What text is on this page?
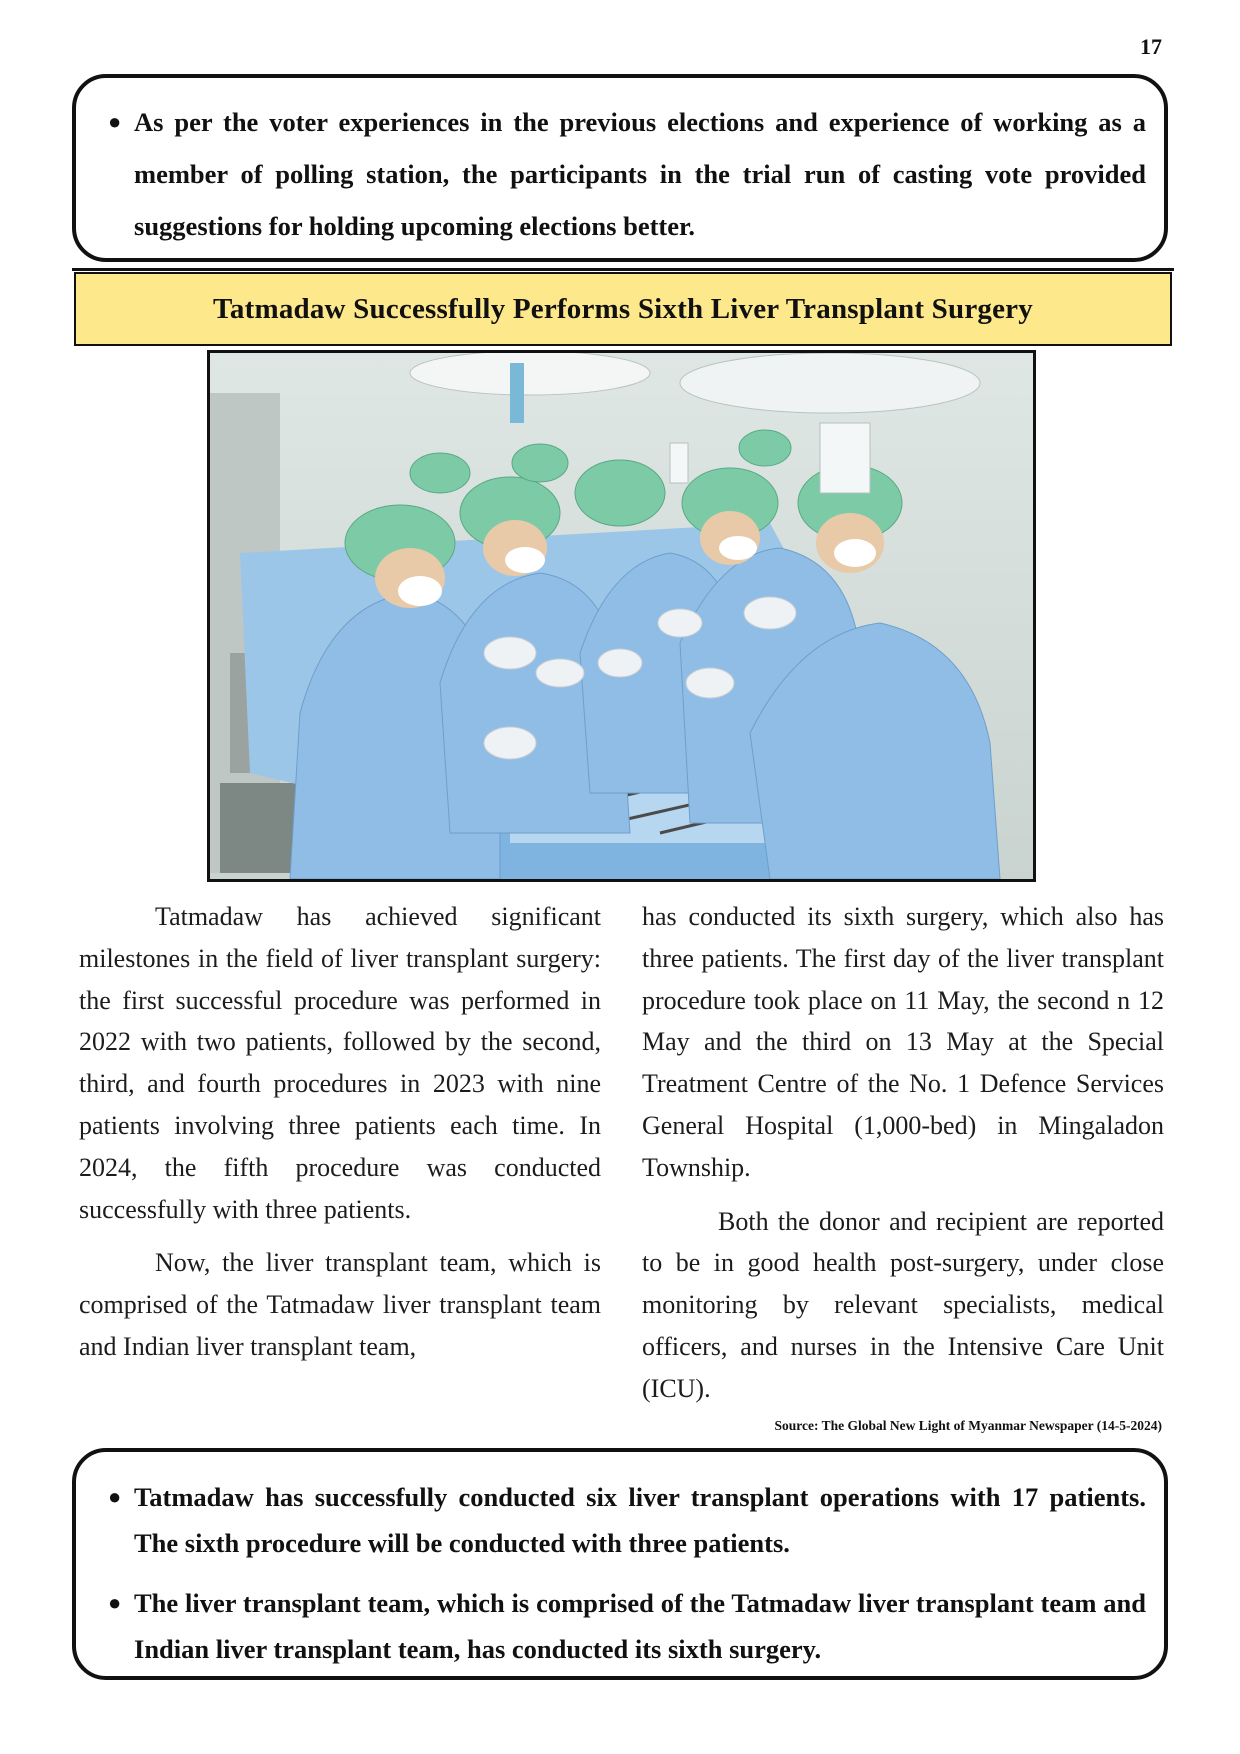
17
● As per the voter experiences in the previous elections and experience of working as a member of polling station, the participants in the trial run of casting vote provided suggestions for holding upcoming elections better.
Tatmadaw Successfully Performs Sixth Liver Transplant Surgery

Tatmadaw has achieved significant milestones in the field of liver transplant surgery: the first successful procedure was performed in 2022 with two patients, followed by the second, third, and fourth procedures in 2023 with nine patients involving three patients each time. In 2024, the fifth procedure was conducted successfully with three patients.

Now, the liver transplant team, which is comprised of the Tatmadaw liver transplant team and Indian liver transplant team,

has conducted its sixth surgery, which also has three patients. The first day of the liver transplant procedure took place on 11 May, the second n 12 May and the third on 13 May at the Special Treatment Centre of the No. 1 Defence Services General Hospital (1,000-bed) in Mingaladon Township.

Both the donor and recipient are reported to be in good health post-surgery, under close monitoring by relevant specialists, medical officers, and nurses in the Intensive Care Unit (ICU).

Source: The Global New Light of Myanmar Newspaper (14-5-2024)
● Tatmadaw has successfully conducted six liver transplant operations with 17 patients. The sixth procedure will be conducted with three patients.
● The liver transplant team, which is comprised of the Tatmadaw liver transplant team and Indian liver transplant team, has conducted its sixth surgery.
